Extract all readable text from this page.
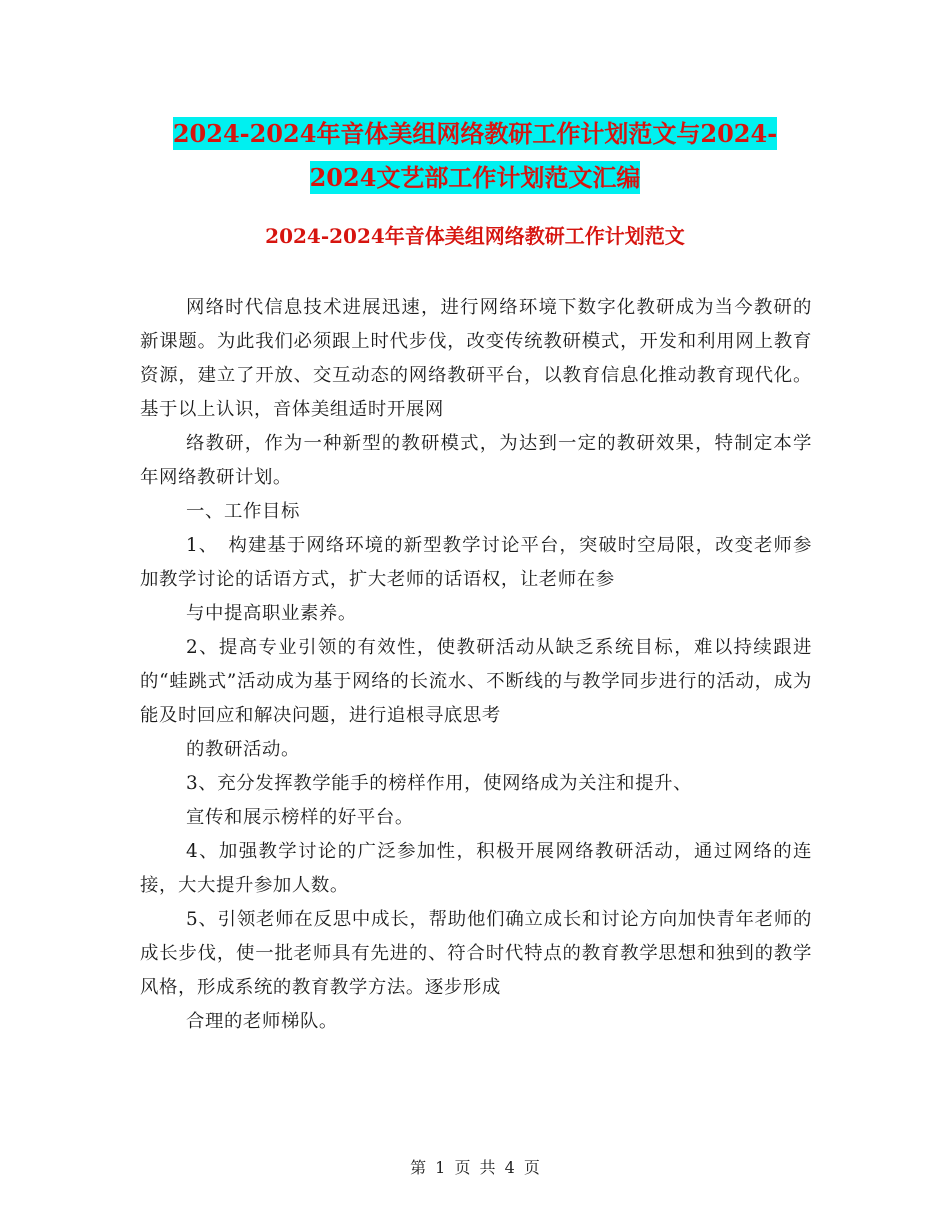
2024-2024年音体美组网络教研工作计划范文与2024-2024文艺部工作计划范文汇编
2024-2024年音体美组网络教研工作计划范文

网络时代信息技术进展迅速，进行网络环境下数字化教研成为当今教研的新课题。为此我们必须跟上时代步伐，改变传统教研模式，开发和利用网上教育资源，建立了开放、交互动态的网络教研平台，以教育信息化推动教育现代化。基于以上认识，音体美组适时开展网

络教研，作为一种新型的教研模式，为达到一定的教研效果，特制定本学年网络教研计划。

一、工作目标

1、　构建基于网络环境的新型教学讨论平台，突破时空局限，改变老师参加教学讨论的话语方式，扩大老师的话语权，让老师在参

与中提高职业素养。

2、提高专业引领的有效性，使教研活动从缺乏系统目标，难以持续跟进的“蛙跳式”活动成为基于网络的长流水、不断线的与教学同步进行的活动，成为能及时回应和解决问题，进行追根寻底思考

的教研活动。

3、充分发挥教学能手的榜样作用，使网络成为关注和提升、

宣传和展示榜样的好平台。

4、加强教学讨论的广泛参加性，积极开展网络教研活动，通过网络的连接，大大提升参加人数。

5、引领老师在反思中成长，帮助他们确立成长和讨论方向加快青年老师的成长步伐，使一批老师具有先进的、符合时代特点的教育教学思想和独到的教学风格，形成系统的教育教学方法。逐步形成

合理的老师梯队。

第 1 页 共 4 页
